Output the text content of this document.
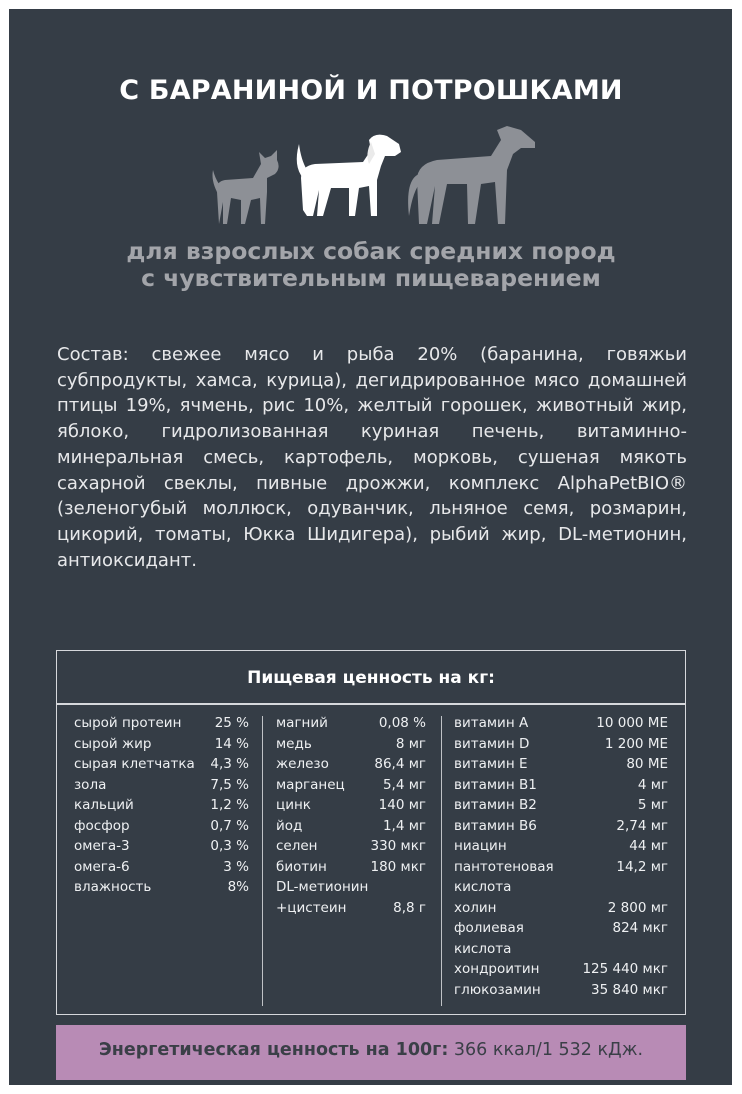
С БАРАНИНОЙ И ПОТРОШКАМИ
для взрослых собак средних пород
с чувствительным пищеварением
Состав: свежее мясо и рыба 20% (баранина, говяжьи субпродукты, хамса, курица), дегидрированное мясо домашней птицы 19%, ячмень, рис 10%, желтый горошек, животный жир, яблоко, гидролизованная куриная печень, витаминно-минеральная смесь, картофель, морковь, сушеная мякоть сахарной свеклы, пивные дрожжи, комплекс AlphaPetBIO® (зеленогубый моллюск, одуванчик, льняное семя, розмарин, цикорий, томаты, Юкка Шидигера), рыбий жир, DL-метионин, антиоксидант.
Пищевая ценность на кг:
сырой протеин 25 %
сырой жир	14 %
сырая клетчатка 4,3 %
зола	7,5 %
кальций	1,2 %
фосфор	0,7 %
омега-3	0,3 %
омега-6	3 %
влажность	8%
магний	0,08 %
медь	8 мг
железо	86,4 мг
марганец	5,4 мг
цинк	140 мг
йод	1,4 мг
селен	330 мкг
биотин	180 мкг
DL-метионин
+цистеин	8,8 г
витамин А	10 000 МЕ
витамин D	1 200 МЕ
витамин Е	80 МЕ
витамин В1	4 мг
витамин В2	5 мг
витамин В6	2,74 мг
ниацин	44 мг
пантотеновая	14,2 мг
кислота
холин	2 800 мг
фолиевая	824 мкг
кислота
хондроитин	125 440 мкг
глюкозамин	35 840 мкг
Энергетическая ценность на 100г: 366 ккал/1 532 кДж.
